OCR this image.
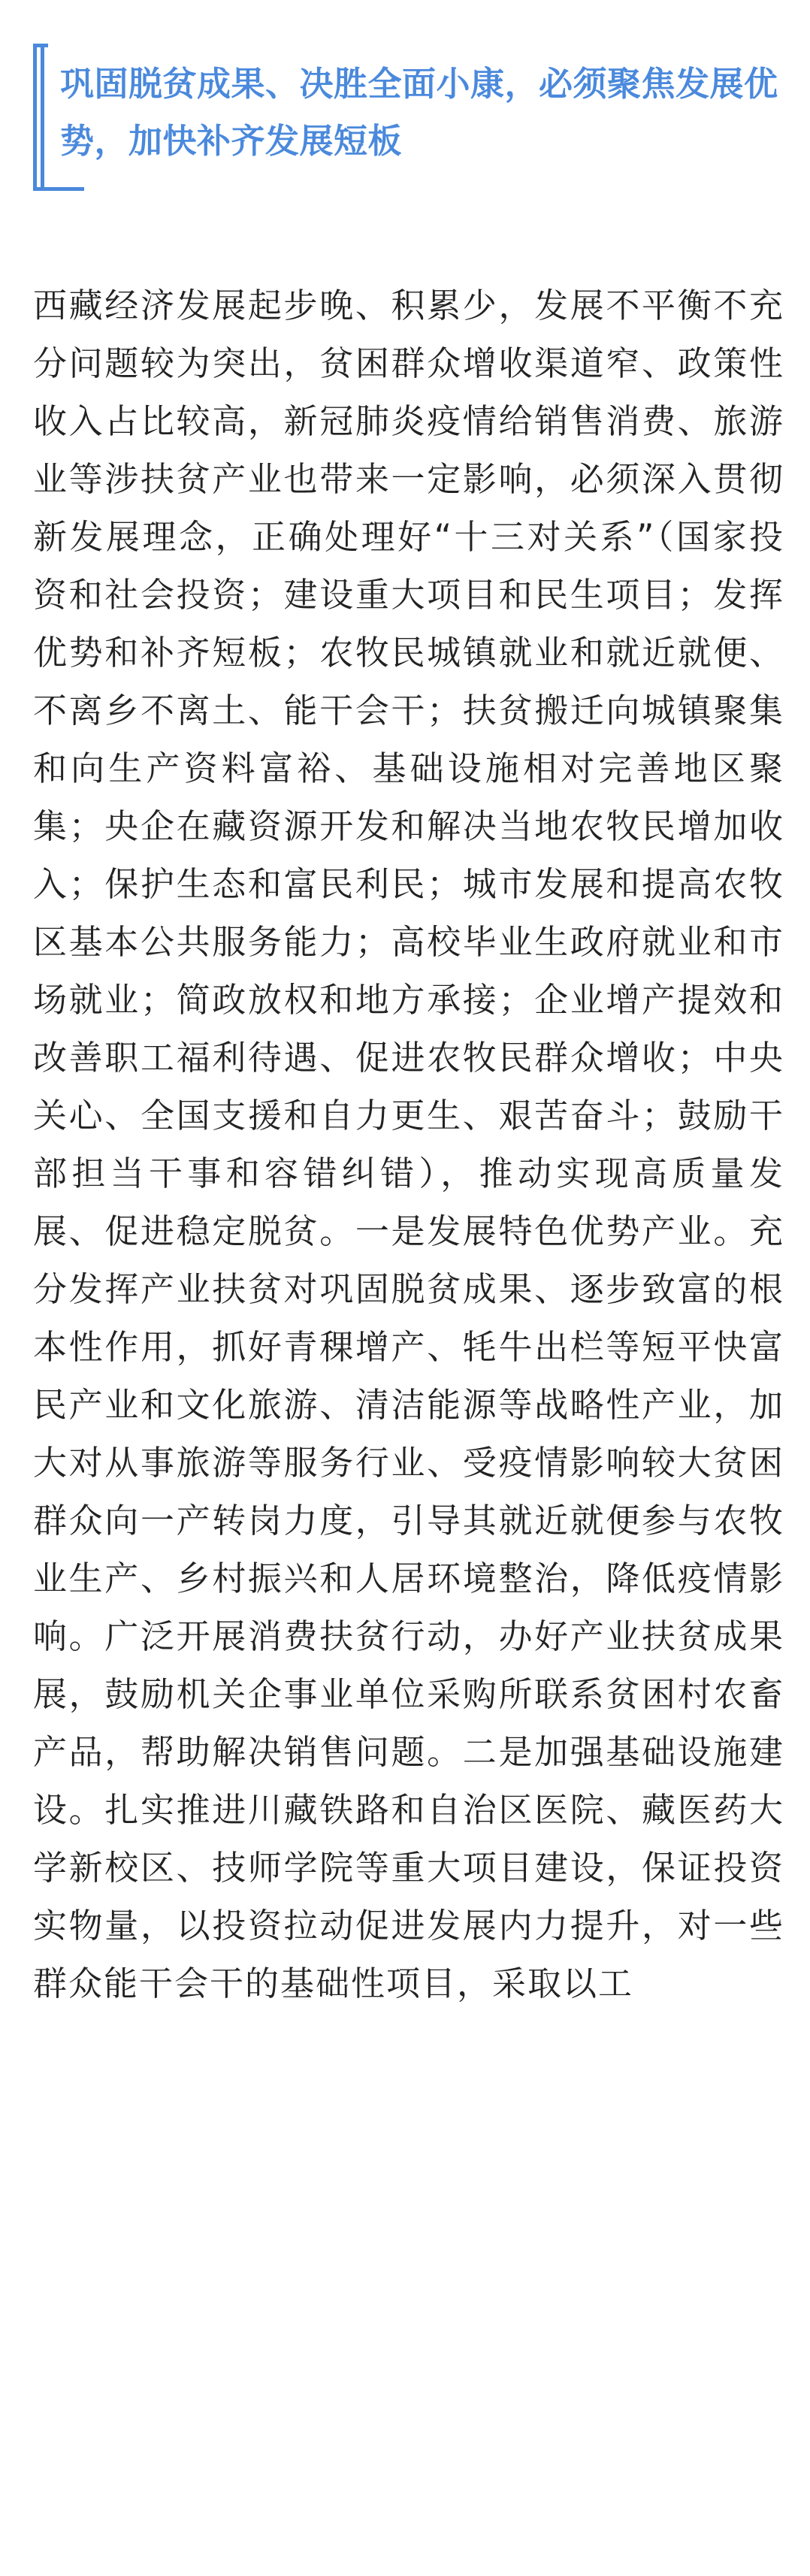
巩固脱贫成果、决胜全面小康，必须聚焦发展优势，加快补齐发展短板

西藏经济发展起步晚、积累少，发展不平衡不充分问题较为突出，贫困群众增收渠道窄、政策性收入占比较高，新冠肺炎疫情给销售消费、旅游业等涉扶贫产业也带来一定影响，必须深入贯彻新发展理念，正确处理好“十三对关系”（国家投资和社会投资；建设重大项目和民生项目；发挥优势和补齐短板；农牧民城镇就业和就近就便、不离乡不离土、能干会干；扶贫搬迁向城镇聚集和向生产资料富裕、基础设施相对完善地区聚集；央企在藏资源开发和解决当地农牧民增加收入；保护生态和富民利民；城市发展和提高农牧区基本公共服务能力；高校毕业生政府就业和市场就业；简政放权和地方承接；企业增产提效和改善职工福利待遇、促进农牧民群众增收；中央关心、全国支援和自力更生、艰苦奋斗；鼓励干部担当干事和容错纠错），推动实现高质量发展、促进稳定脱贫。一是发展特色优势产业。充分发挥产业扶贫对巩固脱贫成果、逐步致富的根本性作用，抓好青稞增产、牦牛出栏等短平快富民产业和文化旅游、清洁能源等战略性产业，加大对从事旅游等服务行业、受疫情影响较大贫困群众向一产转岗力度，引导其就近就便参与农牧业生产、乡村振兴和人居环境整治，降低疫情影响。广泛开展消费扶贫行动，办好产业扶贫成果展，鼓励机关企事业单位采购所联系贫困村农畜产品，帮助解决销售问题。二是加强基础设施建设。扎实推进川藏铁路和自治区医院、藏医药大学新校区、技师学院等重大项目建设，保证投资实物量，以投资拉动促进发展内力提升，对一些群众能干会干的基础性项目，采取以工
